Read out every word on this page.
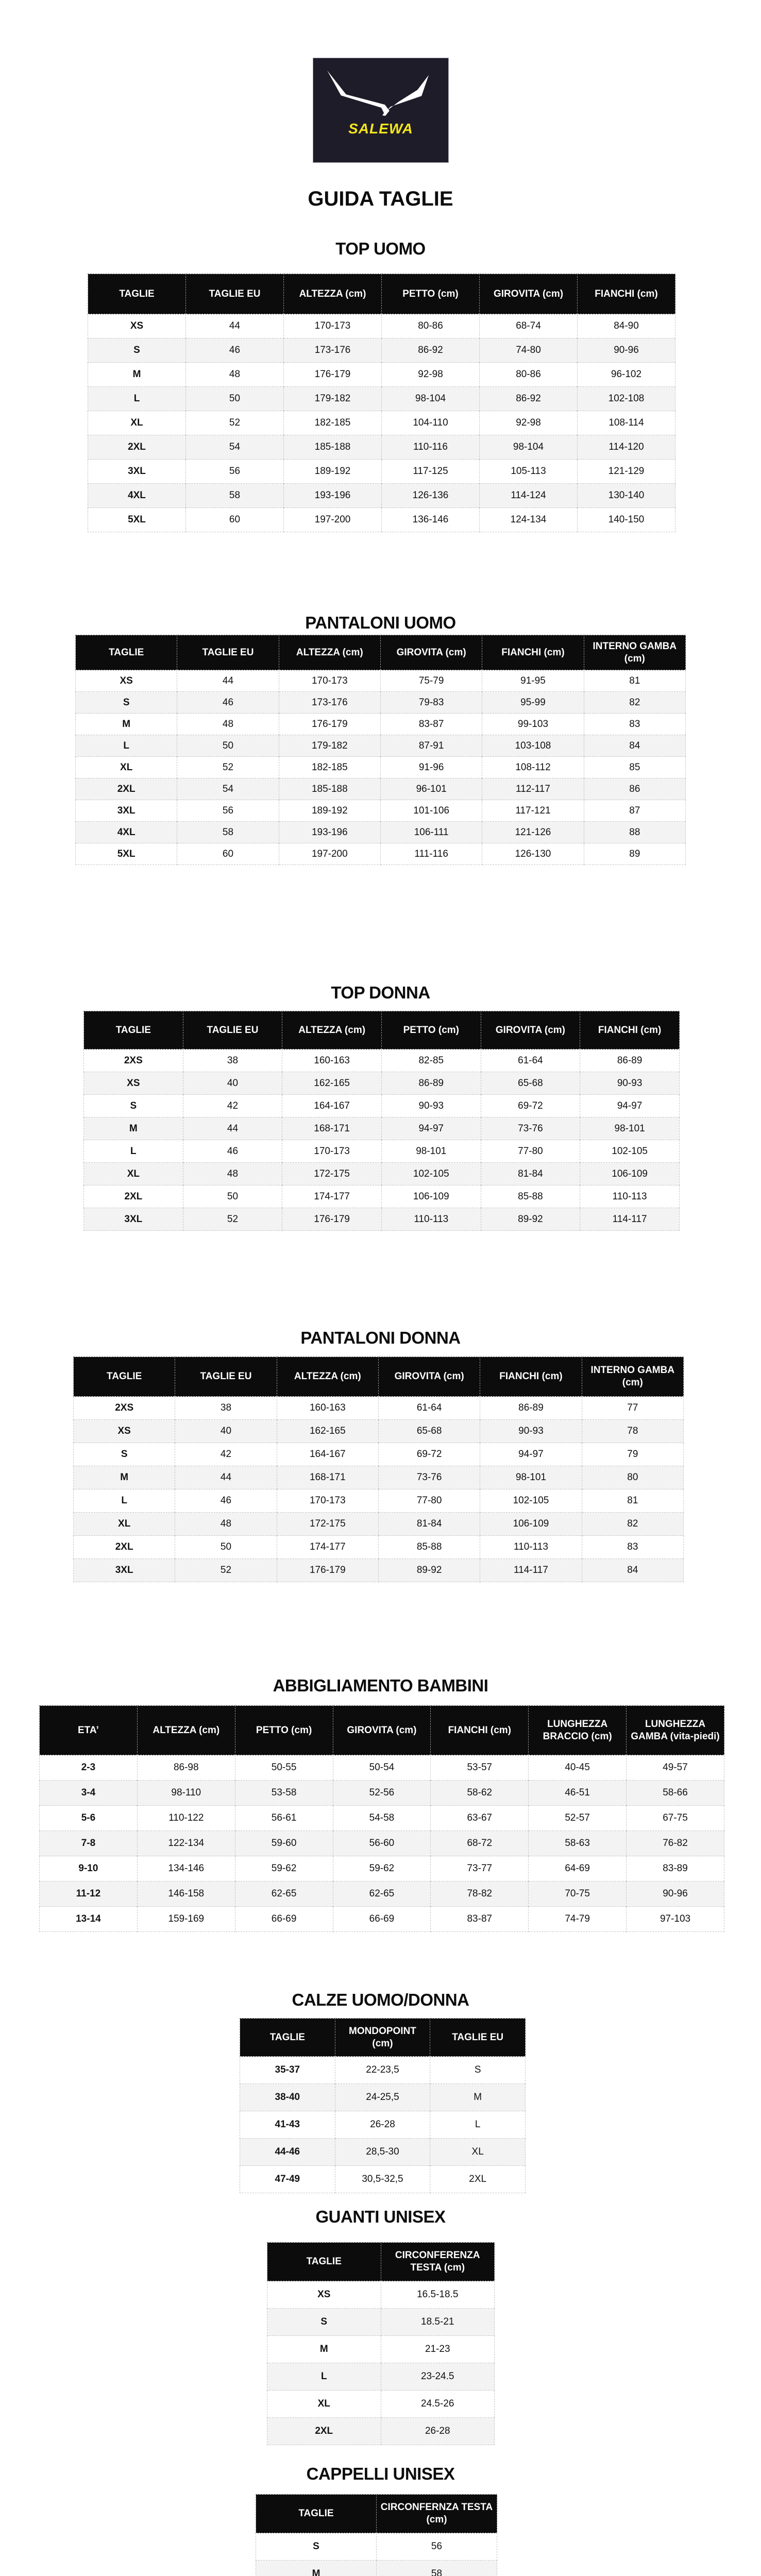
SALEWA
GUIDA TAGLIE
TOP UOMO
TAGLIE	TAGLIE EU	ALTEZZA (cm)	PETTO (cm)	GIROVITA (cm)	FIANCHI (cm)
XS	44	170-173	80-86	68-74	84-90
S	46	173-176	86-92	74-80	90-96
M	48	176-179	92-98	80-86	96-102
L	50	179-182	98-104	86-92	102-108
XL	52	182-185	104-110	92-98	108-114
2XL	54	185-188	110-116	98-104	114-120
3XL	56	189-192	117-125	105-113	121-129
4XL	58	193-196	126-136	114-124	130-140
5XL	60	197-200	136-146	124-134	140-150
PANTALONI UOMO
TAGLIE	TAGLIE EU	ALTEZZA (cm)	GIROVITA (cm)	FIANCHI (cm)	INTERNO GAMBA (cm)
XS	44	170-173	75-79	91-95	81
S	46	173-176	79-83	95-99	82
M	48	176-179	83-87	99-103	83
L	50	179-182	87-91	103-108	84
XL	52	182-185	91-96	108-112	85
2XL	54	185-188	96-101	112-117	86
3XL	56	189-192	101-106	117-121	87
4XL	58	193-196	106-111	121-126	88
5XL	60	197-200	111-116	126-130	89
TOP DONNA
TAGLIE	TAGLIE EU	ALTEZZA (cm)	PETTO (cm)	GIROVITA (cm)	FIANCHI (cm)
2XS	38	160-163	82-85	61-64	86-89
XS	40	162-165	86-89	65-68	90-93
S	42	164-167	90-93	69-72	94-97
M	44	168-171	94-97	73-76	98-101
L	46	170-173	98-101	77-80	102-105
XL	48	172-175	102-105	81-84	106-109
2XL	50	174-177	106-109	85-88	110-113
3XL	52	176-179	110-113	89-92	114-117
PANTALONI DONNA
TAGLIE	TAGLIE EU	ALTEZZA (cm)	GIROVITA (cm)	FIANCHI (cm)	INTERNO GAMBA (cm)
2XS	38	160-163	61-64	86-89	77
XS	40	162-165	65-68	90-93	78
S	42	164-167	69-72	94-97	79
M	44	168-171	73-76	98-101	80
L	46	170-173	77-80	102-105	81
XL	48	172-175	81-84	106-109	82
2XL	50	174-177	85-88	110-113	83
3XL	52	176-179	89-92	114-117	84
ABBIGLIAMENTO BAMBINI
ETA’	ALTEZZA (cm)	PETTO (cm)	GIROVITA (cm)	FIANCHI (cm)	LUNGHEZZA BRACCIO (cm)	LUNGHEZZA GAMBA (vita-piedi)
2-3	86-98	50-55	50-54	53-57	40-45	49-57
3-4	98-110	53-58	52-56	58-62	46-51	58-66
5-6	110-122	56-61	54-58	63-67	52-57	67-75
7-8	122-134	59-60	56-60	68-72	58-63	76-82
9-10	134-146	59-62	59-62	73-77	64-69	83-89
11-12	146-158	62-65	62-65	78-82	70-75	90-96
13-14	159-169	66-69	66-69	83-87	74-79	97-103
CALZE UOMO/DONNA
TAGLIE	MONDOPOINT (cm)	TAGLIE EU
35-37	22-23,5	S
38-40	24-25,5	M
41-43	26-28	L
44-46	28,5-30	XL
47-49	30,5-32,5	2XL
GUANTI UNISEX
TAGLIE	CIRCONFERENZA TESTA (cm)
XS	16.5-18.5
S	18.5-21
M	21-23
L	23-24.5
XL	24.5-26
2XL	26-28
CAPPELLI UNISEX
TAGLIE	CIRCONFERNZA TESTA (cm)
S	56
M	58
